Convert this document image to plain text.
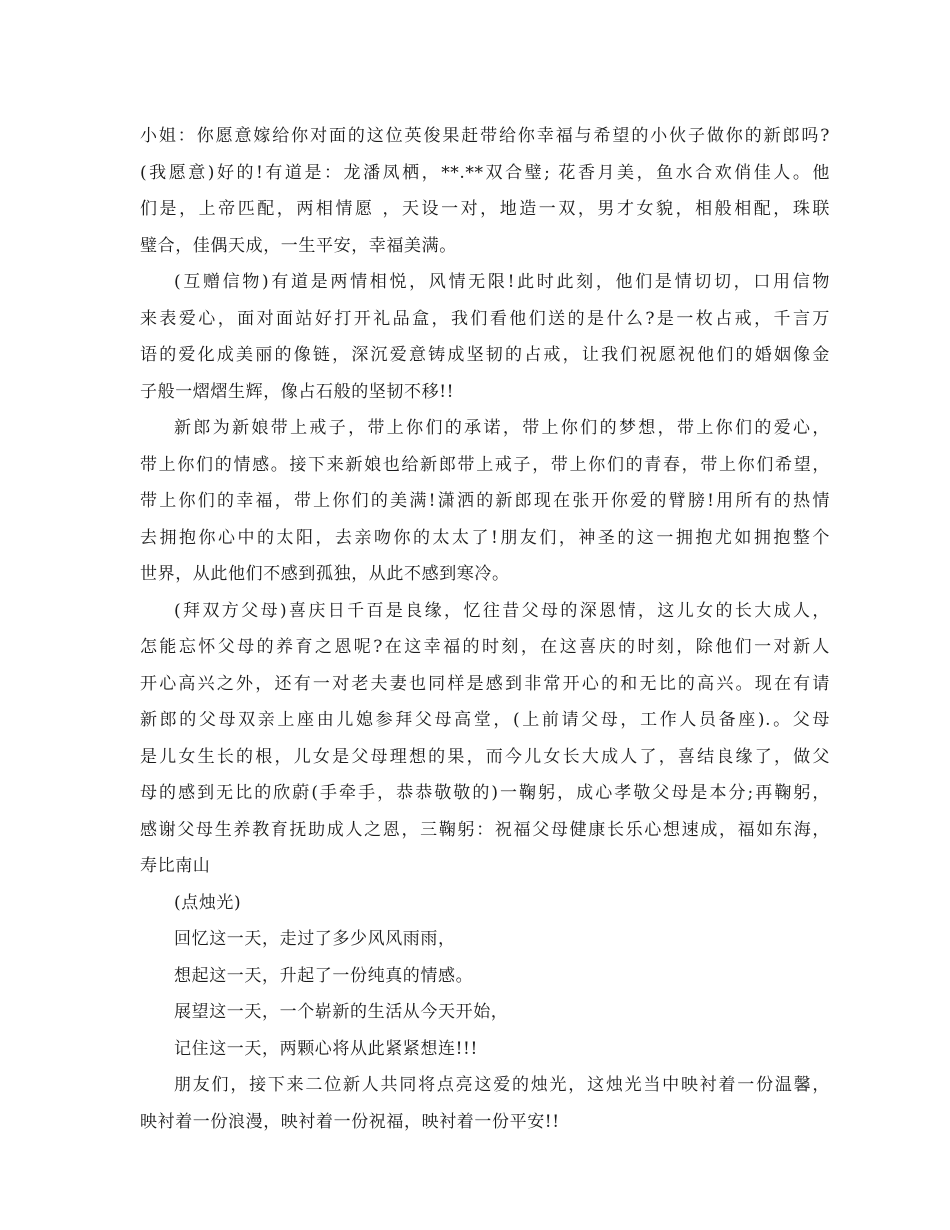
小姐：你愿意嫁给你对面的这位英俊果赶带给你幸福与希望的小伙子做你的新郎吗?
(我愿意)好的!有道是：龙潘凤栖，**.**双合璧; 花香月美，鱼水合欢俏佳人。他
们是，上帝匹配，两相情愿 ，天设一对，地造一双，男才女貌，相般相配，珠联
璧合，佳偶天成，一生平安，幸福美满。
(互赠信物)有道是两情相悦，风情无限!此时此刻，他们是情切切，口用信物
来表爱心，面对面站好打开礼品盒，我们看他们送的是什么?是一枚占戒，千言万
语的爱化成美丽的像链，深沉爱意铸成坚韧的占戒，让我们祝愿祝他们的婚姻像金
子般一熠熠生辉，像占石般的坚韧不移!!
新郎为新娘带上戒子，带上你们的承诺，带上你们的梦想，带上你们的爱心，
带上你们的情感。接下来新娘也给新郎带上戒子，带上你们的青春，带上你们希望，
带上你们的幸福，带上你们的美满!潇洒的新郎现在张开你爱的臂膀!用所有的热情
去拥抱你心中的太阳，去亲吻你的太太了!朋友们，神圣的这一拥抱尤如拥抱整个
世界，从此他们不感到孤独，从此不感到寒冷。
(拜双方父母)喜庆日千百是良缘，忆往昔父母的深恩情，这儿女的长大成人，
怎能忘怀父母的养育之恩呢?在这幸福的时刻，在这喜庆的时刻，除他们一对新人
开心高兴之外，还有一对老夫妻也同样是感到非常开心的和无比的高兴。现在有请
新郎的父母双亲上座由儿媳参拜父母高堂，(上前请父母，工作人员备座).。父母
是儿女生长的根，儿女是父母理想的果，而今儿女长大成人了，喜结良缘了，做父
母的感到无比的欣蔚(手牵手，恭恭敬敬的)一鞠躬，成心孝敬父母是本分;再鞠躬，
感谢父母生养教育抚助成人之恩，三鞠躬：祝福父母健康长乐心想速成，福如东海，
寿比南山
(点烛光)
回忆这一天，走过了多少风风雨雨，
想起这一天，升起了一份纯真的情感。
展望这一天，一个崭新的生活从今天开始，
记住这一天，两颗心将从此紧紧想连!!!
朋友们，接下来二位新人共同将点亮这爱的烛光，这烛光当中映衬着一份温馨，
映衬着一份浪漫，映衬着一份祝福，映衬着一份平安!!
